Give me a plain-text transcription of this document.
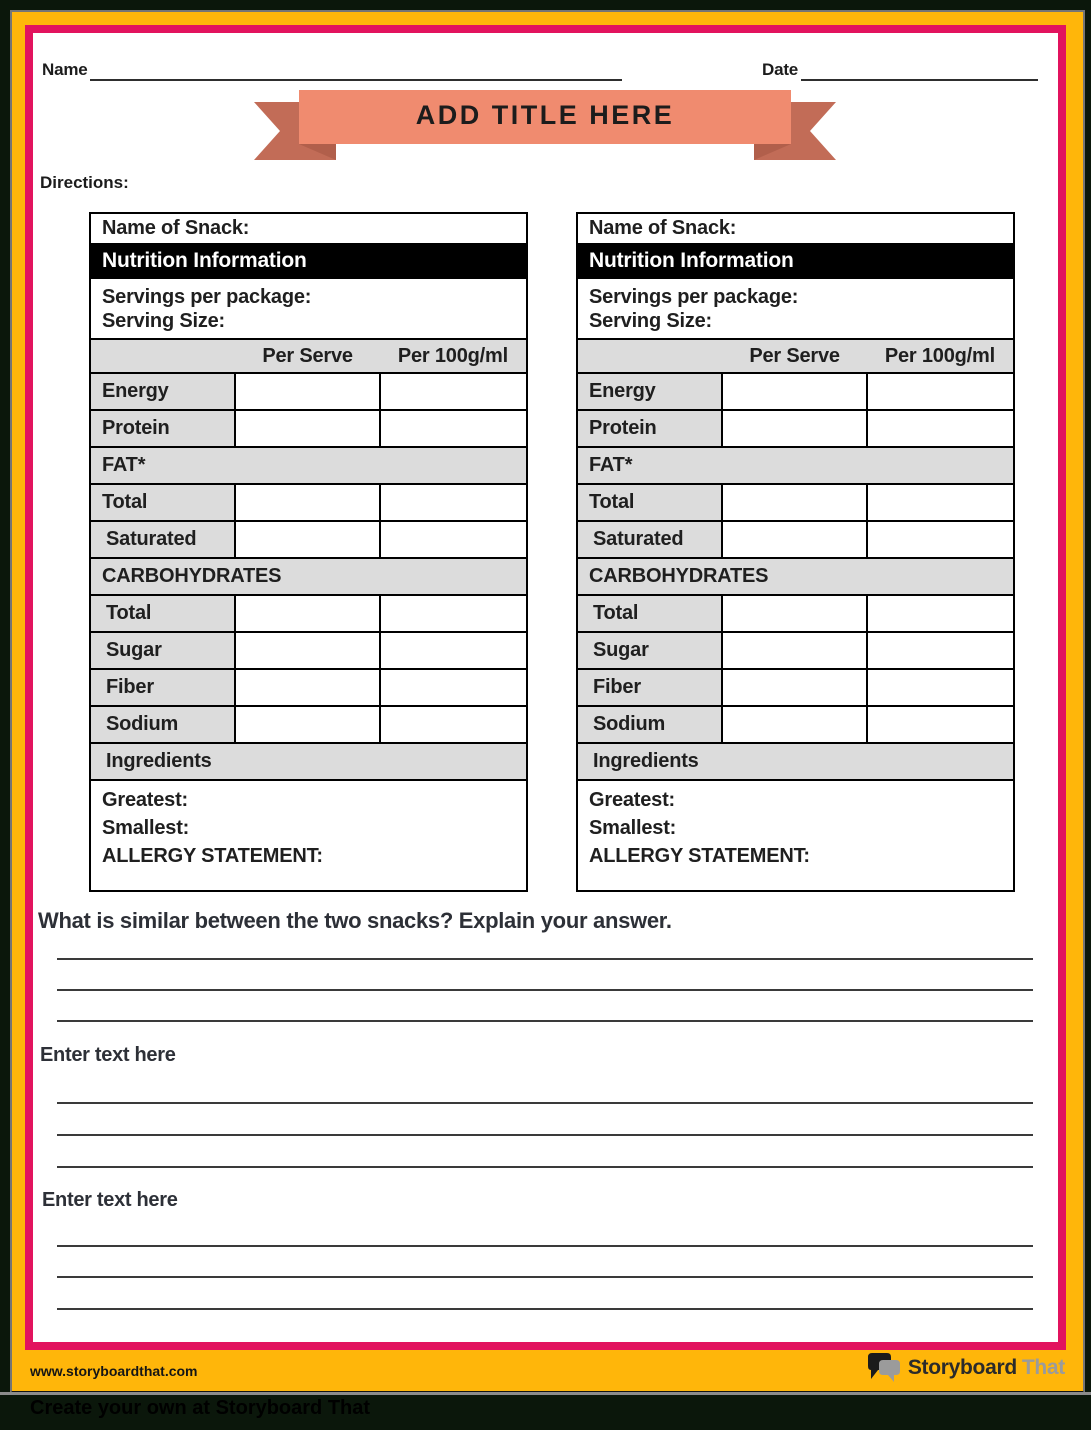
Name	Date
ADD TITLE HERE
Directions:
Name of Snack:		
Nutrition Information		

Servings per package:
Serving Size:		

Per Serve Per 100g/ml		

Energy		
Protein		
FAT*		
Total		
Saturated		
CARBOHYDRATES		
Total		
Sugar		
Fiber		
Sodium		
Ingredients		

Greatest:
Smallest:
ALLERGY STATEMENT:		
Name of Snack:		
Nutrition Information		

Servings per package:
Serving Size:		

Per Serve Per 100g/ml		

Energy		
Protein		
FAT*		
Total		
Saturated		
CARBOHYDRATES		
Total		
Sugar		
Fiber		
Sodium		
Ingredients		

Greatest:
Smallest:
ALLERGY STATEMENT:		
What is similar between the two snacks? Explain your answer.
Enter text here
Enter text here
www.storyboardthat.com	Storyboard That
Create your own at Storyboard That
